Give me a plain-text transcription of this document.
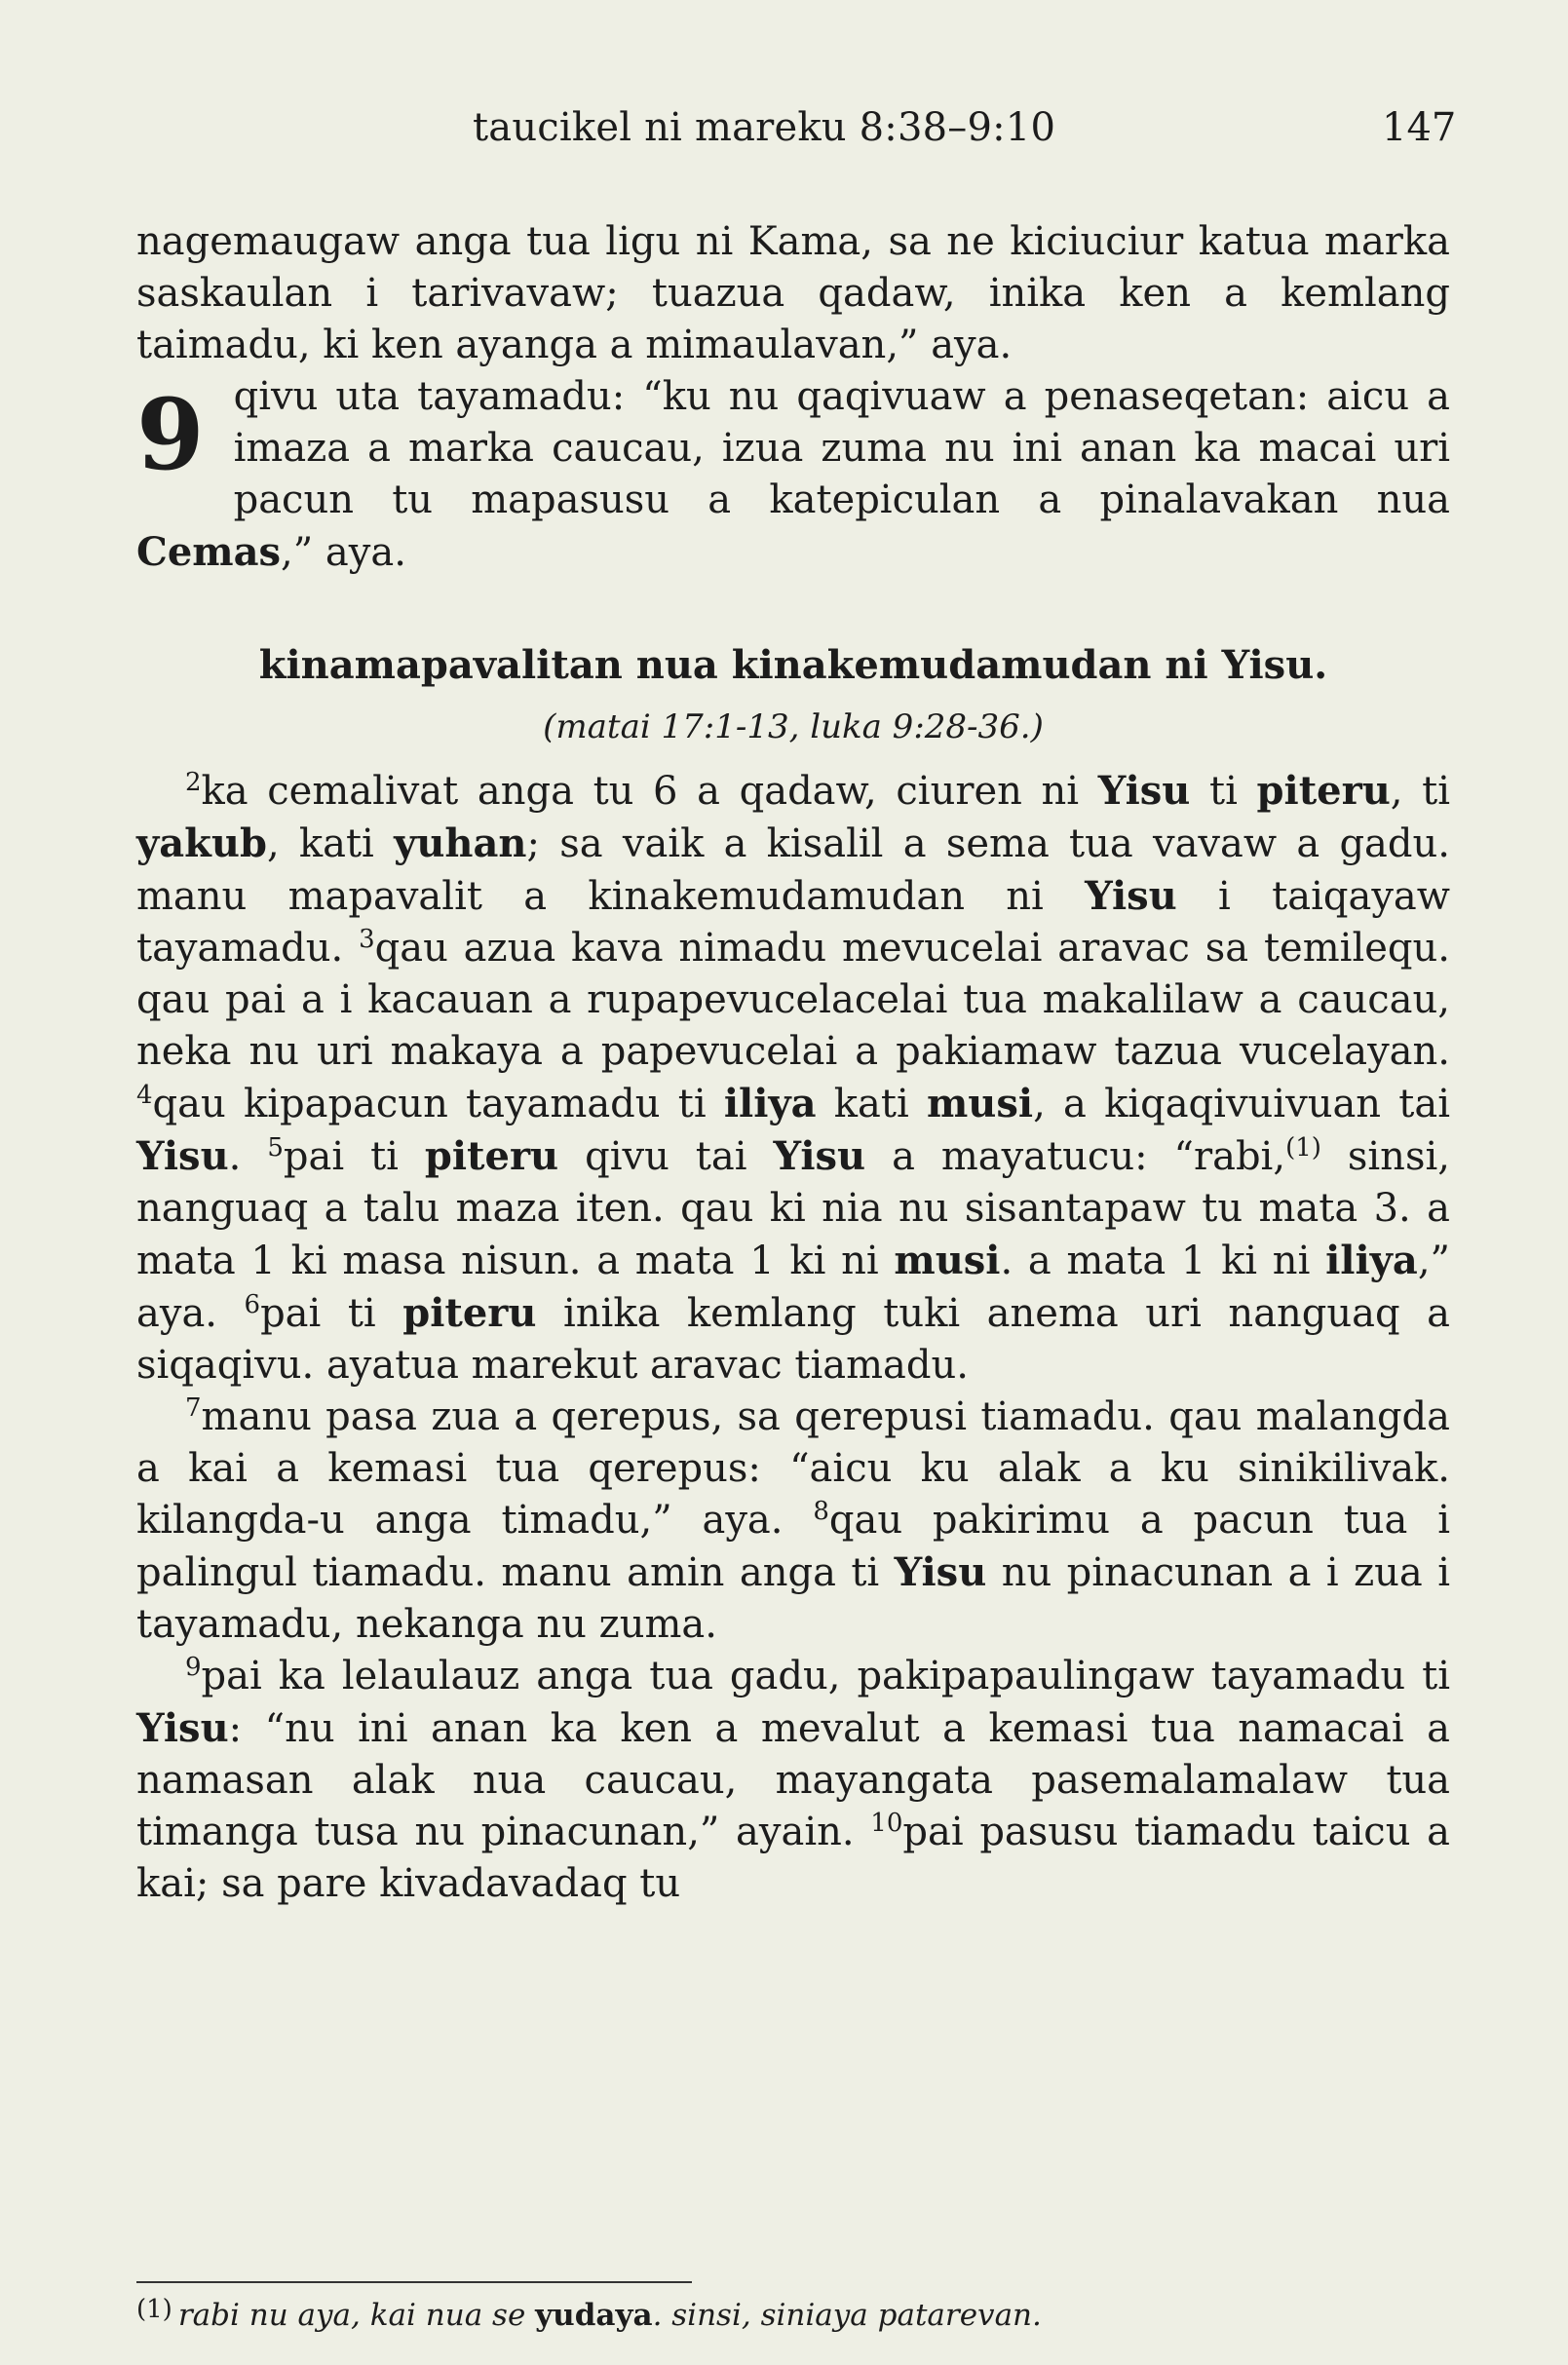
taucikel ni mareku 8:38–9:10	147

nagemaugaw anga tua ligu ni Kama, sa ne kiciuciur katua marka saskaulan i tarivavaw; tuazua qadaw, inika ken a kemlang taimadu, ki ken ayanga a mimaulavan,” aya.

9 qivu uta tayamadu: “ku nu qaqivuaw a penaseqetan: aicu a imaza a marka caucau, izua zuma nu ini anan ka macai uri pacun tu mapasusu a katepiculan a pinalavakan nua Cemas,” aya.

kinamapavalitan nua kinakemudamudan ni Yisu.
(matai 17:1-13, luka 9:28-36.)

$^2$ka cemalivat anga tu 6 a qadaw, ciuren ni Yisu ti piteru, ti yakub, kati yuhan; sa vaik a kisalil a sema tua vavaw a gadu. manu mapavalit a kinakemudamudan ni Yisu i taiqayaw tayamadu. $^3$qau azua kava nimadu mevucelai aravac sa temilequ. qau pai a i kacauan a rupapevucelacelai tua makalilaw a caucau, neka nu uri makaya a papevucelai a pakiamaw tazua vucelayan. $^4$qau kipapacun tayamadu ti iliya kati musi, a kiqaqivuivuan tai Yisu. $^5$pai ti piteru qivu tai Yisu a mayatucu: “rabi,$^{(1)}$ sinsi, nanguaq a talu maza iten. qau ki nia nu sisantapaw tu mata 3. a mata 1 ki masa nisun. a mata 1 ki ni musi. a mata 1 ki ni iliya,” aya. $^6$pai ti piteru inika kemlang tuki anema uri nanguaq a siqaqivu. ayatua marekut aravac tiamadu.

$^7$manu pasa zua a qerepus, sa qerepusi tiamadu. qau malangda a kai a kemasi tua qerepus: “aicu ku alak a ku sinikilivak. kilangda-u anga timadu,” aya. $^8$qau pakirimu a pacun tua i palingul tiamadu. manu amin anga ti Yisu nu pinacunan a i zua i tayamadu, nekanga nu zuma.

$^9$pai ka lelaulauz anga tua gadu, pakipapaulingaw tayamadu ti Yisu: “nu ini anan ka ken a mevalut a kemasi tua namacai a namasan alak nua caucau, mayangata pasemalamalaw tua timanga tusa nu pinacunan,” ayain. $^{10}$pai pasusu tiamadu taicu a kai; sa pare kivadavadaq tu

$^{(1)}$ rabi nu aya, kai nua se yudaya. sinsi, siniaya patarevan.
